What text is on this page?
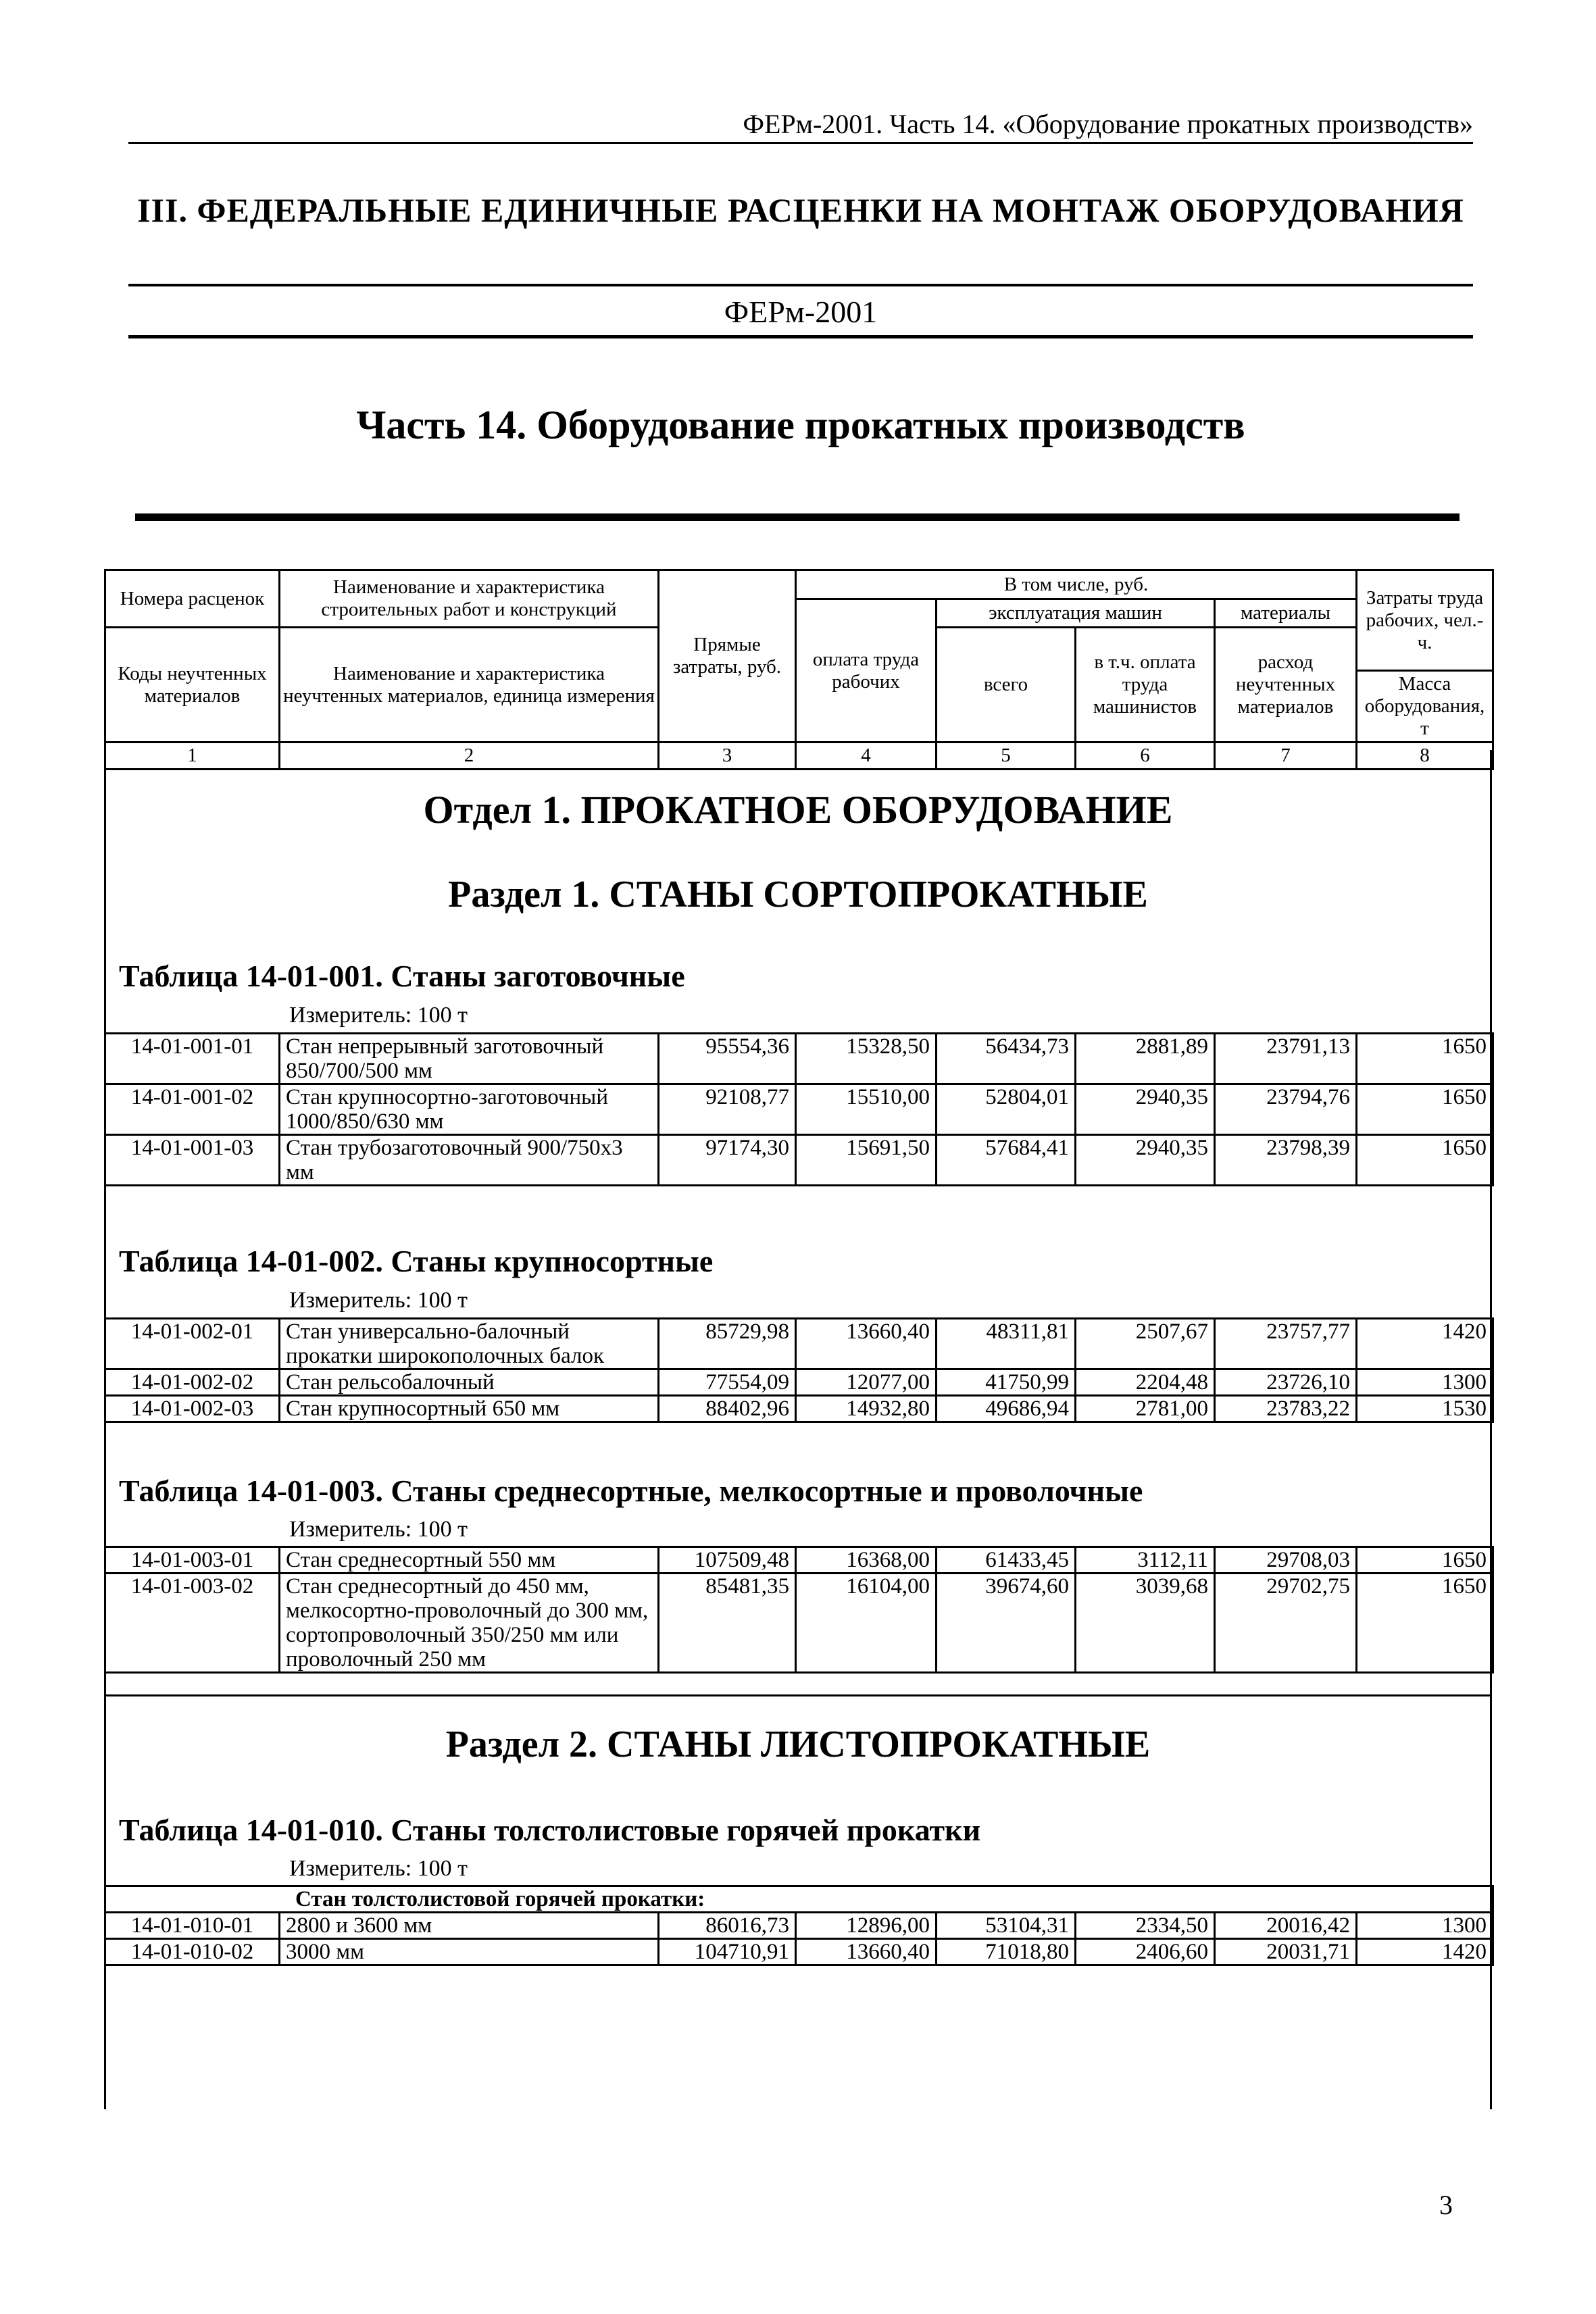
ФЕРм-2001. Часть 14. «Оборудование прокатных производств»
III. ФЕДЕРАЛЬНЫЕ ЕДИНИЧНЫЕ РАСЦЕНКИ НА МОНТАЖ ОБОРУДОВАНИЯ
ФЕРм-2001
Часть 14. Оборудование прокатных производств
Номера расценок	Наименование и характеристика строительных работ и конструкций	Прямые затраты, руб.	В том числе, руб.				Затраты труда рабочих, чел.-ч.
			оплата труда рабочих	эксплуатация машин		материалы	
Коды неучтенных материалов	Наименование и характеристика неучтенных материалов, единица измерения			всего	в т.ч. оплата труда машинистов	расход неучтенных материалов	
							Масса оборудования, т
1	2	3	4	5	6	7	8
Отдел 1. ПРОКАТНОЕ ОБОРУДОВАНИЕ
Раздел 1. СТАНЫ СОРТОПРОКАТНЫЕ
Таблица 14-01-001. Станы заготовочные
Измеритель: 100 т
14-01-001-01	Стан непрерывный заготовочный 850/700/500 мм	95554,36	15328,50	56434,73	2881,89	23791,13	1650
14-01-001-02	Стан крупносортно-заготовочный 1000/850/630 мм	92108,77	15510,00	52804,01	2940,35	23794,76	1650
14-01-001-03	Стан трубозаготовочный 900/750х3 мм	97174,30	15691,50	57684,41	2940,35	23798,39	1650
Таблица 14-01-002. Станы крупносортные
Измеритель: 100 т
14-01-002-01	Стан универсально-балочный прокатки широкополочных балок	85729,98	13660,40	48311,81	2507,67	23757,77	1420
14-01-002-02	Стан рельсобалочный	77554,09	12077,00	41750,99	2204,48	23726,10	1300
14-01-002-03	Стан крупносортный 650 мм	88402,96	14932,80	49686,94	2781,00	23783,22	1530
Таблица 14-01-003. Станы среднесортные, мелкосортные и проволочные
Измеритель: 100 т
14-01-003-01	Стан среднесортный 550 мм	107509,48	16368,00	61433,45	3112,11	29708,03	1650
14-01-003-02	Стан среднесортный до 450 мм, мелкосортно-проволочный до 300 мм, сортопроволочный 350/250 мм или проволочный 250 мм	85481,35	16104,00	39674,60	3039,68	29702,75	1650
Раздел 2. СТАНЫ ЛИСТОПРОКАТНЫЕ
Таблица 14-01-010. Станы толстолистовые горячей прокатки
Измеритель: 100 т
Стан толстолистовой горячей прокатки:							
14-01-010-01	2800 и 3600 мм	86016,73	12896,00	53104,31	2334,50	20016,42	1300
14-01-010-02	3000 мм	104710,91	13660,40	71018,80	2406,60	20031,71	1420
3
